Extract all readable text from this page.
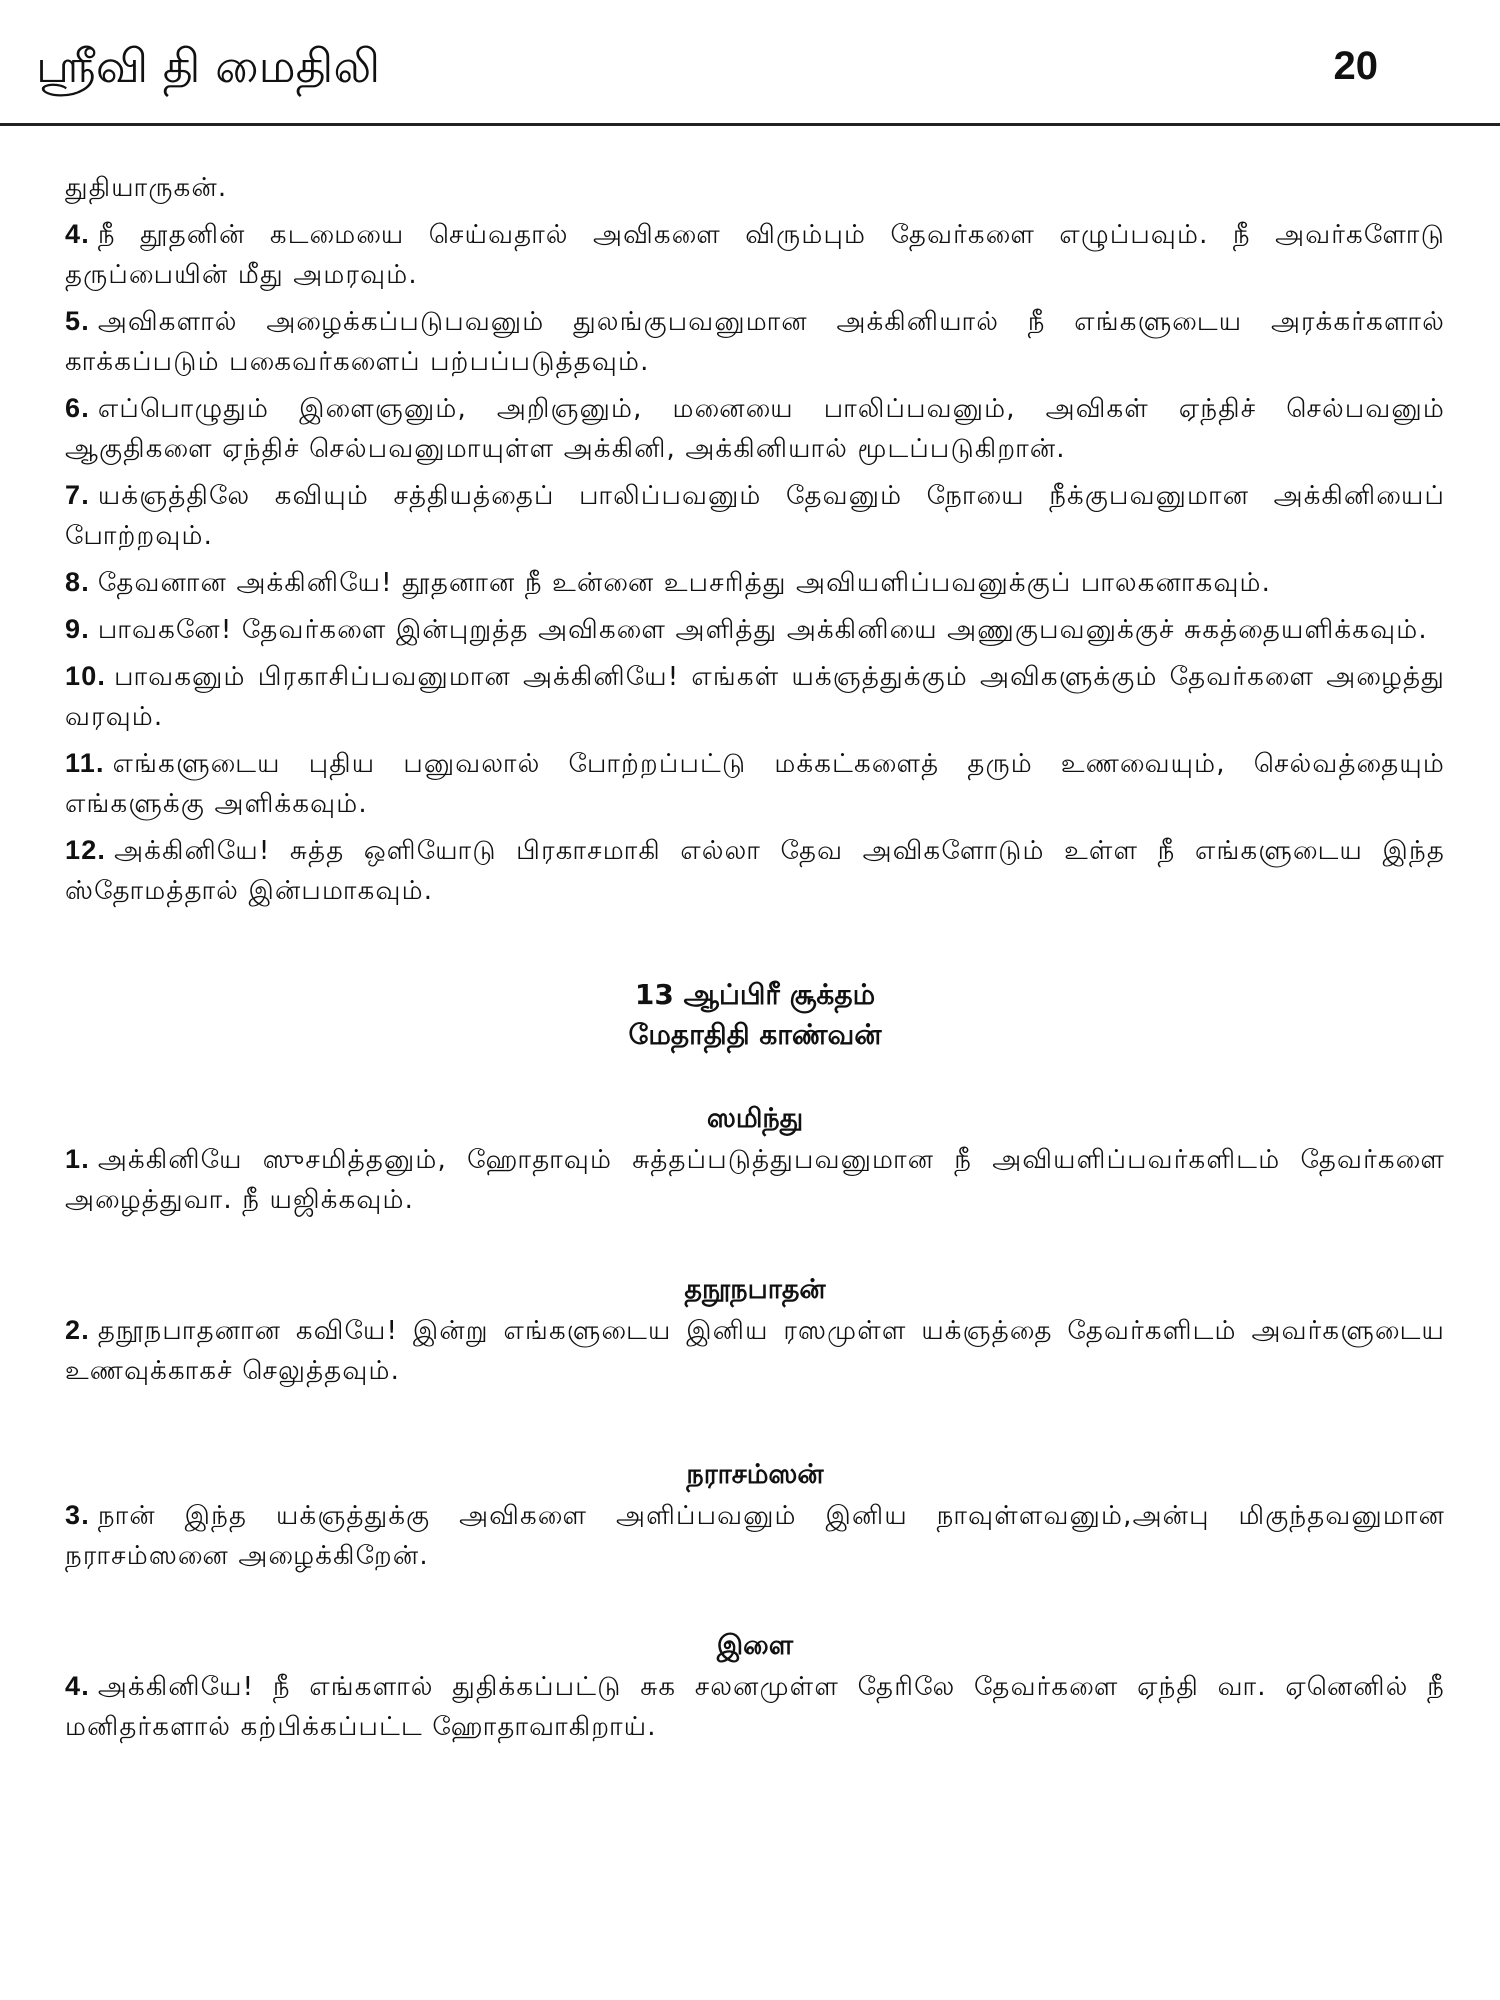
ஸ்ரீவி தி மைதிலி	20

துதியாருகன்.

4. நீ தூதனின் கடமையை செய்வதால் அவிகளை விரும்பும் தேவர்களை எழுப்பவும். நீ அவர்களோடு தருப்பையின் மீது அமரவும்.

5. அவிகளால் அழைக்கப்படுபவனும் துலங்குபவனுமான அக்கினியால் நீ எங்களுடைய அரக்கர்களால் காக்கப்படும் பகைவர்களைப் பற்பப்படுத்தவும்.

6. எப்பொழுதும் இளைஞனும், அறிஞனும், மனையை பாலிப்பவனும், அவிகள் ஏந்திச் செல்பவனும் ஆகுதிகளை ஏந்திச் செல்பவனுமாயுள்ள அக்கினி, அக்கினியால் மூடப்படுகிறான்.

7. யக்ஞத்திலே கவியும் சத்தியத்தைப் பாலிப்பவனும் தேவனும் நோயை நீக்குபவனுமான அக்கினியைப் போற்றவும்.

8. தேவனான அக்கினியே! தூதனான நீ உன்னை உபசரித்து அவியளிப்பவனுக்குப் பாலகனாகவும்.

9. பாவகனே! தேவர்களை இன்புறுத்த அவிகளை அளித்து அக்கினியை அணுகுபவனுக்குச் சுகத்தையளிக்கவும்.

10. பாவகனும் பிரகாசிப்பவனுமான அக்கினியே! எங்கள் யக்ஞத்துக்கும் அவிகளுக்கும் தேவர்களை அழைத்து வரவும்.

11. எங்களுடைய புதிய பனுவலால் போற்றப்பட்டு மக்கட்களைத் தரும் உணவையும், செல்வத்தையும் எங்களுக்கு அளிக்கவும்.

12. அக்கினியே! சுத்த ஒளியோடு பிரகாசமாகி எல்லா தேவ அவிகளோடும் உள்ள நீ எங்களுடைய இந்த ஸ்தோமத்தால் இன்பமாகவும்.

13 ஆப்பிரீ சூக்தம்

மேதாதிதி காண்வன்

ஸமிந்து

1. அக்கினியே ஸுசமித்தனும், ஹோதாவும் சுத்தப்படுத்துபவனுமான நீ அவியளிப்பவர்களிடம் தேவர்களை அழைத்துவா. நீ யஜிக்கவும்.

தநூநபாதன்

2. தநூநபாதனான கவியே! இன்று எங்களுடைய இனிய ரஸமுள்ள யக்ஞத்தை தேவர்களிடம் அவர்களுடைய உணவுக்காகச் செலுத்தவும்.

நராசம்ஸன்

3. நான் இந்த யக்ஞத்துக்கு அவிகளை அளிப்பவனும் இனிய நாவுள்ளவனும்,அன்பு மிகுந்தவனுமான நராசம்ஸனை அழைக்கிறேன்.

இளை

4. அக்கினியே! நீ எங்களால் துதிக்கப்பட்டு சுக சலனமுள்ள தேரிலே தேவர்களை ஏந்தி வா. ஏனெனில் நீ மனிதர்களால் கற்பிக்கப்பட்ட ஹோதாவாகிறாய்.
